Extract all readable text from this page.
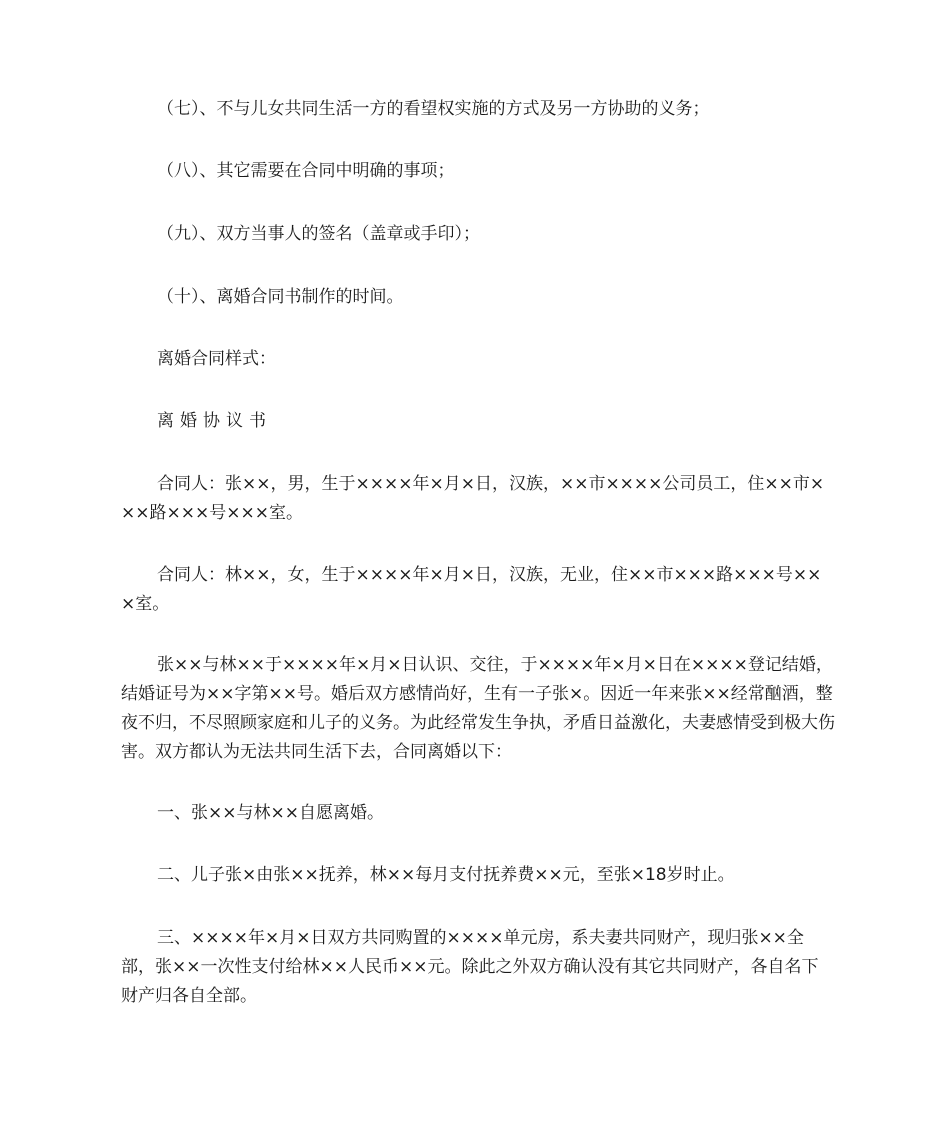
（七）、不与儿女共同生活一方的看望权实施的方式及另一方协助的义务；

（八）、其它需要在合同中明确的事项；

（九）、双方当事人的签名（盖章或手印）；

（十）、离婚合同书制作的时间。

离婚合同样式：

离婚协议书

合同人：张××，男，生于××××年×月×日，汉族，××市××××公司员工，住××市×××路×××号×××室。

合同人：林××，女，生于××××年×月×日，汉族，无业，住××市×××路×××号×××室。

张××与林××于××××年×月×日认识、交往，于××××年×月×日在××××登记结婚，结婚证号为××字第××号。婚后双方感情尚好，生有一子张×。因近一年来张××经常酗酒，整夜不归，不尽照顾家庭和儿子的义务。为此经常发生争执，矛盾日益激化，夫妻感情受到极大伤害。双方都认为无法共同生活下去，合同离婚以下：

一、张××与林××自愿离婚。

二、儿子张×由张××抚养，林××每月支付抚养费××元，至张×18岁时止。

三、××××年×月×日双方共同购置的××××单元房，系夫妻共同财产，现归张××全部，张××一次性支付给林××人民币××元。除此之外双方确认没有其它共同财产，各自名下财产归各自全部。
